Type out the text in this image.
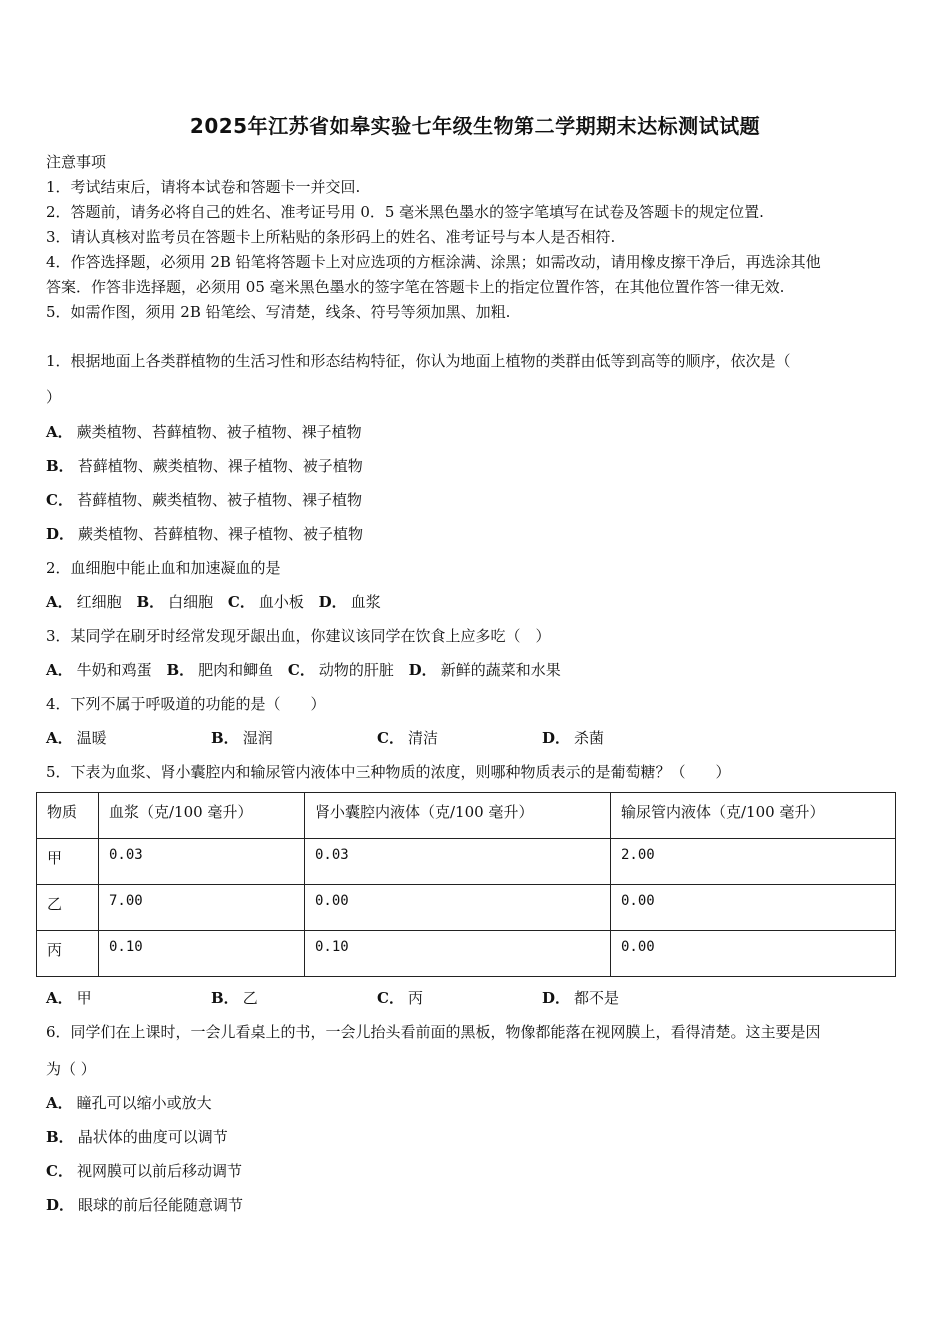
2025年江苏省如皋实验七年级生物第二学期期末达标测试试题
注意事项
1．考试结束后，请将本试卷和答题卡一并交回.
2．答题前，请务必将自己的姓名、准考证号用 0．5 毫米黑色墨水的签字笔填写在试卷及答题卡的规定位置.
3．请认真核对监考员在答题卡上所粘贴的条形码上的姓名、准考证号与本人是否相符.
4．作答选择题，必须用 2B 铅笔将答题卡上对应选项的方框涂满、涂黑；如需改动，请用橡皮擦干净后，再选涂其他
答案．作答非选择题，必须用 05 毫米黑色墨水的签字笔在答题卡上的指定位置作答，在其他位置作答一律无效.
5．如需作图，须用 2B 铅笔绘、写清楚，线条、符号等须加黑、加粗.
1．根据地面上各类群植物的生活习性和形态结构特征，你认为地面上植物的类群由低等到高等的顺序，依次是（
）
A． 蕨类植物、苔藓植物、被子植物、裸子植物
B． 苔藓植物、蕨类植物、裸子植物、被子植物
C． 苔藓植物、蕨类植物、被子植物、裸子植物
D． 蕨类植物、苔藓植物、裸子植物、被子植物
2．血细胞中能止血和加速凝血的是
A． 红细胞 B． 白细胞 C． 血小板 D． 血浆
3．某同学在刷牙时经常发现牙龈出血，你建议该同学在饮食上应多吃（　）
A． 牛奶和鸡蛋 B． 肥肉和鲫鱼 C． 动物的肝脏 D． 新鲜的蔬菜和水果
4．下列不属于呼吸道的功能的是（　　）
A． 温暖	B． 湿润	C． 清洁	D． 杀菌
5．下表为血浆、肾小囊腔内和输尿管内液体中三种物质的浓度，则哪种物质表示的是葡萄糖？（　　）
物质	血浆（克/100 毫升）	肾小囊腔内液体（克/100 毫升）	输尿管内液体（克/100 毫升）
甲	0.03	0.03	2.00
乙	7.00	0.00	0.00
丙	0.10	0.10	0.00
A． 甲	B． 乙	C． 丙	D． 都不是
6．同学们在上课时，一会儿看桌上的书，一会儿抬头看前面的黑板，物像都能落在视网膜上，看得清楚。这主要是因
为（ ）
A． 瞳孔可以缩小或放大
B． 晶状体的曲度可以调节
C． 视网膜可以前后移动调节
D． 眼球的前后径能随意调节
